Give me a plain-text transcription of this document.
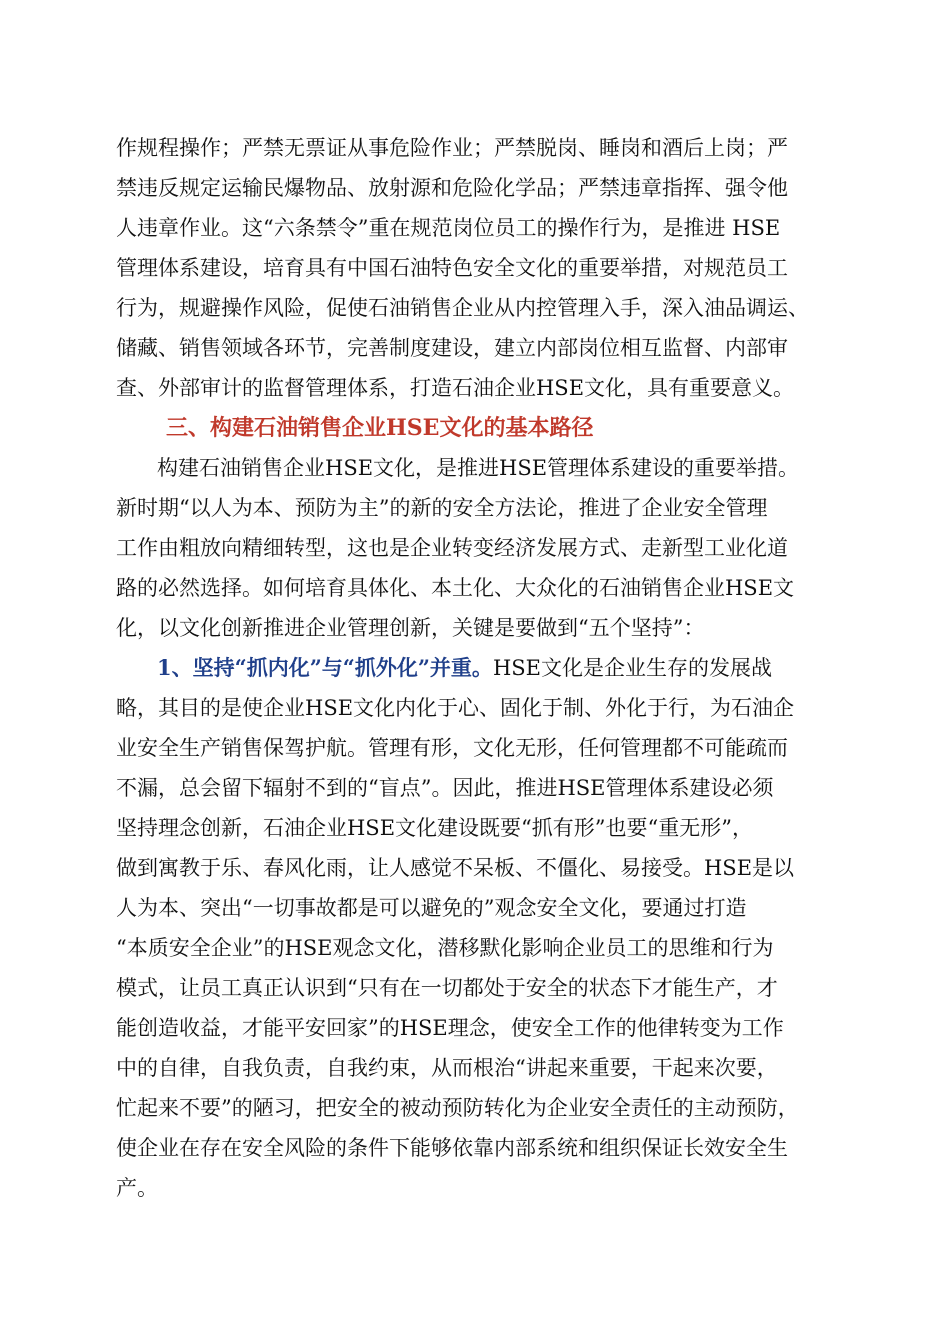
作规程操作；严禁无票证从事危险作业；严禁脱岗、睡岗和酒后上岗；严
禁违反规定运输民爆物品、放射源和危险化学品；严禁违章指挥、强令他
人违章作业。这“六条禁令”重在规范岗位员工的操作行为，是推进 HSE
管理体系建设，培育具有中国石油特色安全文化的重要举措，对规范员工
行为，规避操作风险，促使石油销售企业从内控管理入手，深入油品调运、
储藏、销售领域各环节，完善制度建设，建立内部岗位相互监督、内部审
查、外部审计的监督管理体系，打造石油企业HSE文化，具有重要意义。
三、构建石油销售企业HSE文化的基本路径
构建石油销售企业HSE文化，是推进HSE管理体系建设的重要举措。
新时期“以人为本、预防为主”的新的安全方法论，推进了企业安全管理
工作由粗放向精细转型，这也是企业转变经济发展方式、走新型工业化道
路的必然选择。如何培育具体化、本土化、大众化的石油销售企业HSE文
化，以文化创新推进企业管理创新，关键是要做到“五个坚持”：
1、坚持“抓内化”与“抓外化”并重。HSE文化是企业生存的发展战
略，其目的是使企业HSE文化内化于心、固化于制、外化于行，为石油企
业安全生产销售保驾护航。管理有形，文化无形，任何管理都不可能疏而
不漏，总会留下辐射不到的“盲点”。因此，推进HSE管理体系建设必须
坚持理念创新，石油企业HSE文化建设既要“抓有形”也要“重无形”，
做到寓教于乐、春风化雨，让人感觉不呆板、不僵化、易接受。HSE是以
人为本、突出“一切事故都是可以避免的”观念安全文化，要通过打造
“本质安全企业”的HSE观念文化，潜移默化影响企业员工的思维和行为
模式，让员工真正认识到“只有在一切都处于安全的状态下才能生产，才
能创造收益，才能平安回家”的HSE理念，使安全工作的他律转变为工作
中的自律，自我负责，自我约束，从而根治“讲起来重要，干起来次要，
忙起来不要”的陋习，把安全的被动预防转化为企业安全责任的主动预防，
使企业在存在安全风险的条件下能够依靠内部系统和组织保证长效安全生
产。
